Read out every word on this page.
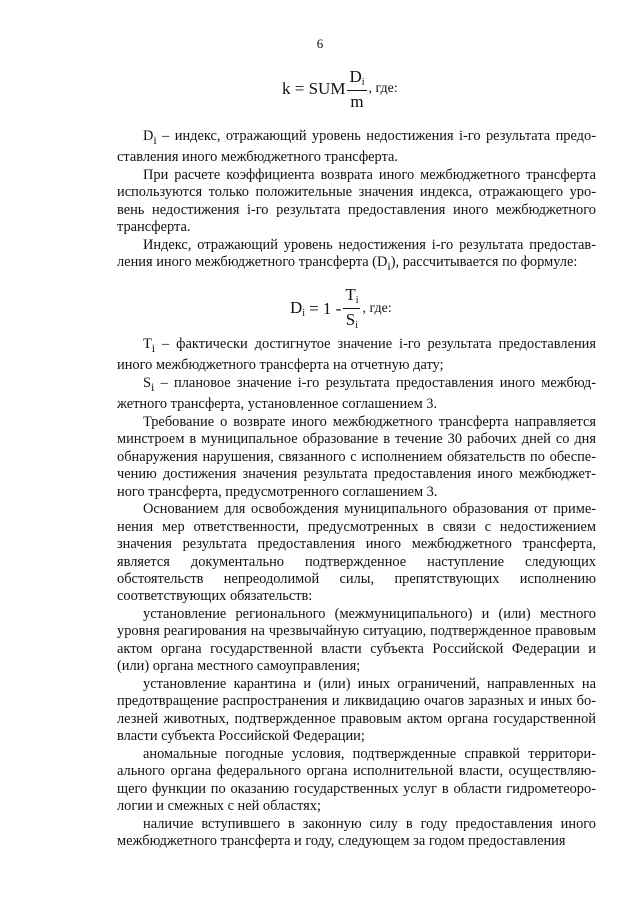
6
k = SUM $\frac{D_i}{m}$ , где:

$D_i$ – индекс, отражающий уровень недостижения i-го результата предоставления иного межбюджетного трансферта.

При расчете коэффициента возврата иного межбюджетного трансферта используются только положительные значения индекса, отражающего уровень недостижения i-го результата предоставления иного межбюджетного трансферта.

Индекс, отражающий уровень недостижения i-го результата предоставления иного межбюджетного трансферта $(D_i)$, рассчитывается по формуле:

$D_i = 1 - \frac{T_i}{S_i}$ , где:

$T_i$ – фактически достигнутое значение i-го результата предоставления иного межбюджетного трансферта на отчетную дату;

$S_i$ – плановое значение i-го результата предоставления иного межбюджетного трансферта, установленное соглашением 3.

Требование о возврате иного межбюджетного трансферта направляется минстроем в муниципальное образование в течение 30 рабочих дней со дня обнаружения нарушения, связанного с исполнением обязательств по обеспечению достижения значения результата предоставления иного межбюджетного трансферта, предусмотренного соглашением 3.

Основанием для освобождения муниципального образования от применения мер ответственности, предусмотренных в связи с недостижением значения результата предоставления иного межбюджетного трансферта, является документально подтвержденное наступление следующих обстоятельств непреодолимой силы, препятствующих исполнению соответствующих обязательств:

установление регионального (межмуниципального) и (или) местного уровня реагирования на чрезвычайную ситуацию, подтвержденное правовым актом органа государственной власти субъекта Российской Федерации и (или) органа местного самоуправления;

установление карантина и (или) иных ограничений, направленных на предотвращение распространения и ликвидацию очагов заразных и иных болезней животных, подтвержденное правовым актом органа государственной власти субъекта Российской Федерации;

аномальные погодные условия, подтвержденные справкой территориального органа федерального органа исполнительной власти, осуществляющего функции по оказанию государственных услуг в области гидрометеорологии и смежных с ней областях;

наличие вступившего в законную силу в году предоставления иного межбюджетного трансферта и году, следующем за годом предоставления
